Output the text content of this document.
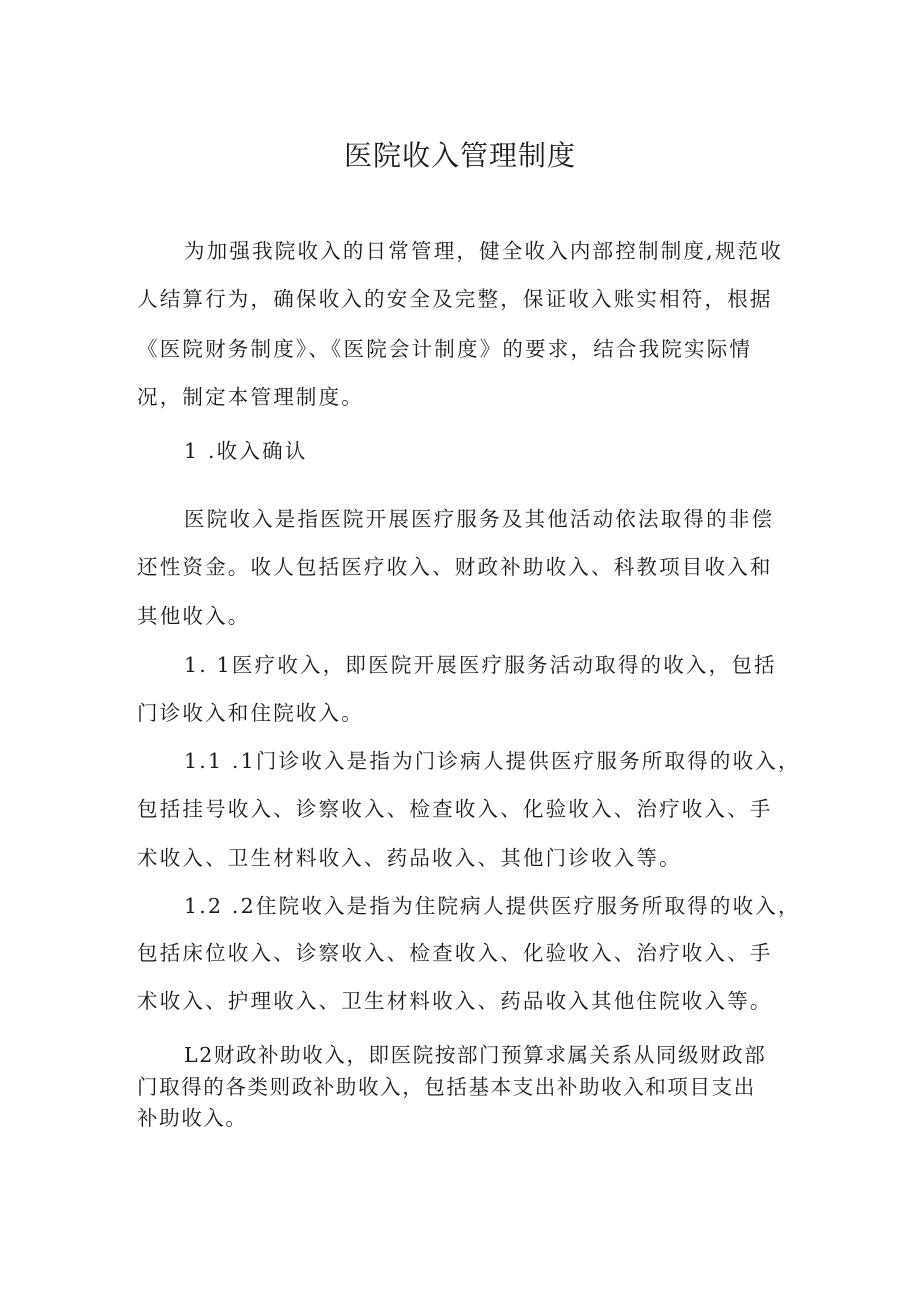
医院收入管理制度
为加强我院收入的日常管理，健全收入内部控制制度,规范收
人结算行为，确保收入的安全及完整，保证收入账实相符，根据
《医院财务制度》、《医院会计制度》的要求，结合我院实际情
况，制定本管理制度。
1 .收入确认
医院收入是指医院开展医疗服务及其他活动依法取得的非偿
还性资金。收人包括医疗收入、财政补助收入、科教项目收入和
其他收入。
1. 1医疗收入，即医院开展医疗服务活动取得的收入，包括
门诊收入和住院收入。
1.1 .1门诊收入是指为门诊病人提供医疗服务所取得的收入，
包括挂号收入、诊察收入、检查收入、化验收入、治疗收入、手
术收入、卫生材料收入、药品收入、其他门诊收入等。
1.2 .2住院收入是指为住院病人提供医疗服务所取得的收入，
包括床位收入、诊察收入、检查收入、化验收入、治疗收入、手
术收入、护理收入、卫生材料收入、药品收入其他住院收入等。
L2财政补助收入，即医院按部门预算求属关系从同级财政部
门取得的各类则政补助收入，包括基本支出补助收入和项目支出
补助收入。
